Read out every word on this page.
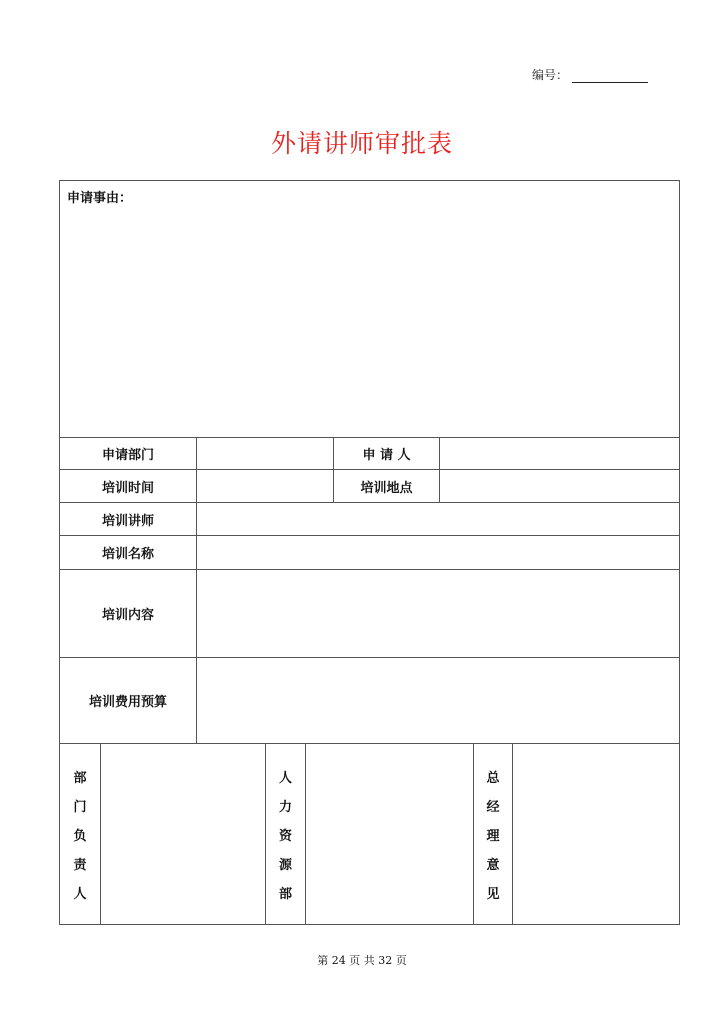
编号：
外请讲师审批表
申请事由：
申请部门	申 请 人
培训时间	培训地点
培训讲师
培训名称
培训内容
培训费用预算
部
门
负
责
人
人
力
资
源
部
总
经
理
意
见
第 24 页 共 32 页
